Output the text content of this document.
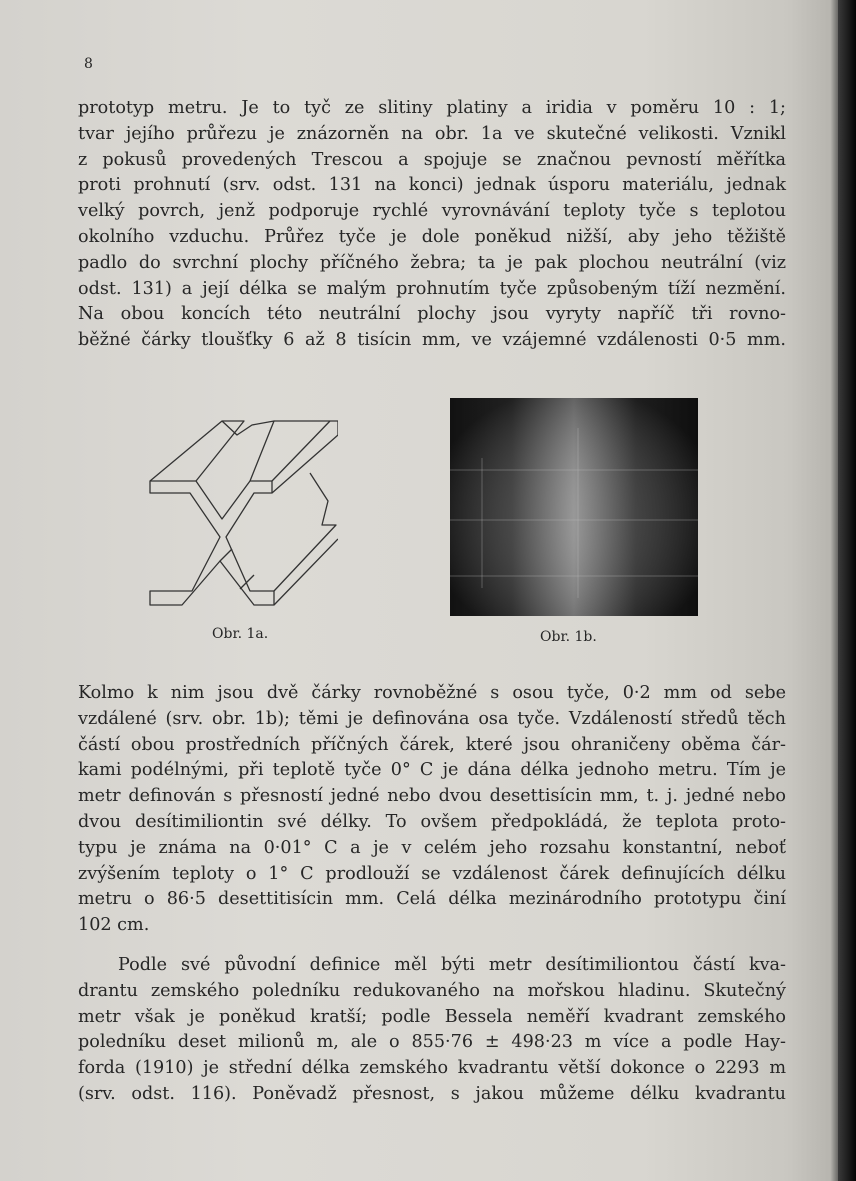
8
prototyp metru. Je to tyč ze slitiny platiny a iridia v poměru 10 : 1;
tvar jejího průřezu je znázorněn na obr. 1a ve skutečné velikosti. Vznikl
z pokusů provedených Trescou a spojuje se značnou pevností měřítka
proti prohnutí (srv. odst. 131 na konci) jednak úsporu materiálu, jednak
velký povrch, jenž podporuje rychlé vyrovnávání teploty tyče s teplotou
okolního vzduchu. Průřez tyče je dole poněkud nižší, aby jeho těžiště
padlo do svrchní plochy příčného žebra; ta je pak plochou neutrální (viz
odst. 131) a její délka se malým prohnutím tyče způsobeným tíží nezmění.
Na obou koncích této neutrální plochy jsou vyryty napříč tři rovno-
běžné čárky tloušťky 6 až 8 tisícin mm, ve vzájemné vzdálenosti 0·5 mm.
Obr. 1a.	Obr. 1b.
Kolmo k nim jsou dvě čárky rovnoběžné s osou tyče, 0·2 mm od sebe
vzdálené (srv. obr. 1b); těmi je definována osa tyče. Vzdáleností středů těch
částí obou prostředních příčných čárek, které jsou ohraničeny oběma čár-
kami podélnými, při teplotě tyče 0° C je dána délka jednoho metru. Tím je
metr definován s přesností jedné nebo dvou desettisícin mm, t. j. jedné nebo
dvou desítimiliontin své délky. To ovšem předpokládá, že teplota proto-
typu je známa na 0·01° C a je v celém jeho rozsahu konstantní, neboť
zvýšením teploty o 1° C prodlouží se vzdálenost čárek definujících délku
metru o 86·5 desettitisícin mm. Celá délka mezinárodního prototypu činí
102 cm.
Podle své původní definice měl býti metr desítimiliontou částí kva-
drantu zemského poledníku redukovaného na mořskou hladinu. Skutečný
metr však je poněkud kratší; podle Bessela neměří kvadrant zemského
poledníku deset milionů m, ale o 855·76 ± 498·23 m více a podle Hay-
forda (1910) je střední délka zemského kvadrantu větší dokonce o 2293 m
(srv. odst. 116). Poněvadž přesnost, s jakou můžeme délku kvadrantu
